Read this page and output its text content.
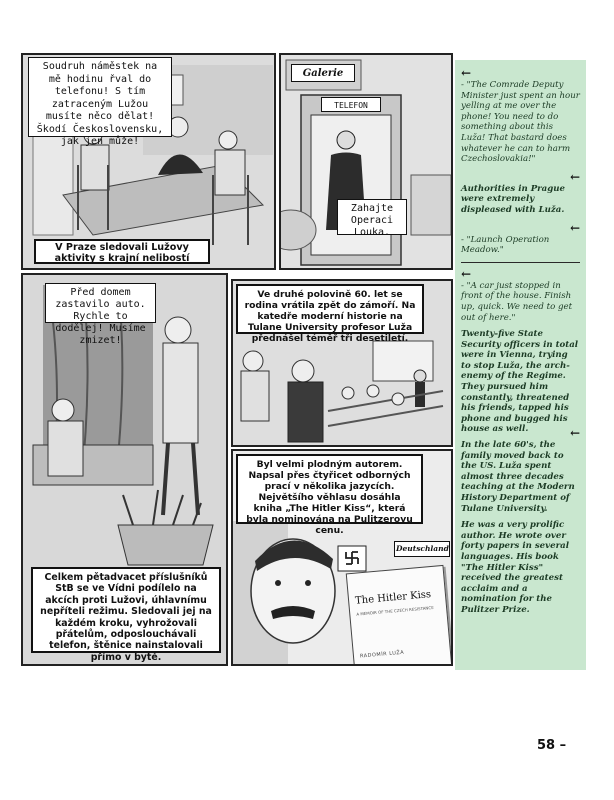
Soudruh náměstek na mě hodinu řval do telefonu! S tím zatraceným Lužou musíte něco dělat! Škodí Československu, jak jen může!
V Praze sledovali Lužovy aktivity s krajní nelibostí
Galerie
TELEFON
Zahajte Operaci Louka.
Před domem zastavilo auto. Rychle to dodělej! Musíme zmizet!
Celkem pětadvacet příslušníků StB se ve Vídni podílelo na akcích proti Lužovi, úhlavnímu nepříteli režimu. Sledovali jej na každém kroku, vyhrožovali přátelům, odposlouchávali telefon, štěnice nainstalovali přímo v bytě.
Ve druhé polovině 60. let se rodina vrátila zpět do zámoří. Na katedře moderní historie na Tulane University profesor Luža přednášel téměř tři desetiletí.
Byl velmi plodným autorem. Napsal přes čtyřicet odborných prací v několika jazycích. Největšího věhlasu dosáhla kniha „The Hitler Kiss“, která byla nominována na Pulitzerovu cenu.
Deutschland
The Hitler Kiss
A MEMOIR OF THE CZECH RESISTANCE
RADOMÍR LUŽA
←

- "The Comrade Deputy Minister just spent an hour yelling at me over the phone! You need to do something about this Luža! That bastard does whatever he can to harm Czechoslovakia!"

←

Authorities in Prague were extremely displeased with Luža.

←

- "Launch Operation Meadow."

←

- "A car just stopped in front of the house. Finish up, quick. We need to get out of here."

Twenty-five State Security officers in total were in Vienna, trying to stop Luža, the arch-enemy of the Regime. They pursued him constantly, threatened his friends, tapped his phone and bugged his house as well.	←

In the late 60's, the family moved back to the US. Luža spent almost three decades teaching at the Modern History Department of Tulane University.

He was a very prolific author. He wrote over forty papers in several languages. His book "The Hitler Kiss" received the greatest acclaim and a nomination for the Pulitzer Prize.

58 –
